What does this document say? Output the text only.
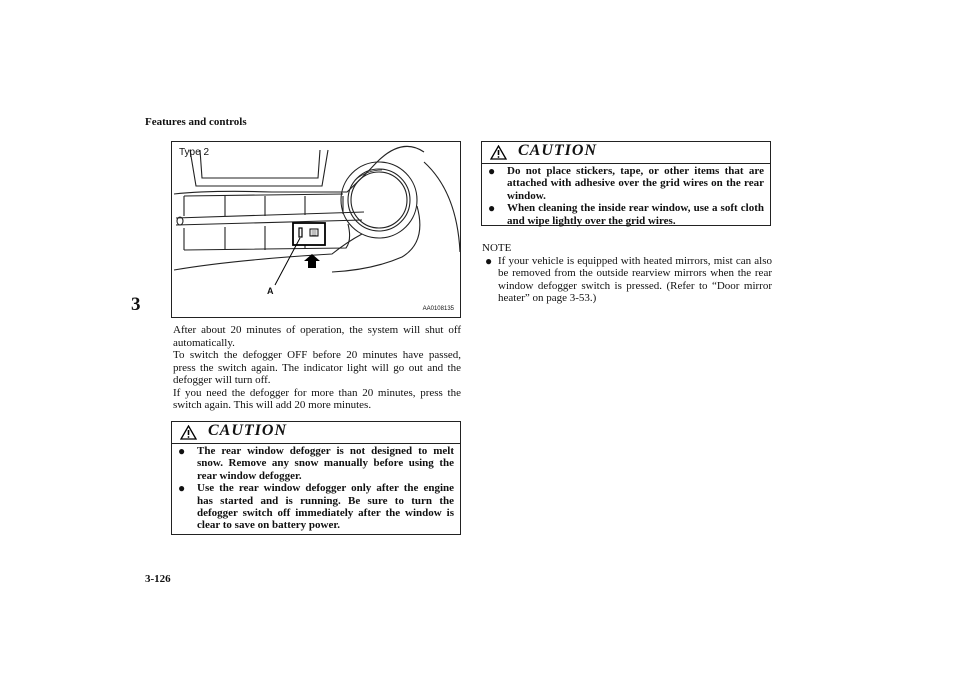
Features and controls
3
3-126
Type 2
A
AA0108135

After about 20 minutes of operation, the system will shut off automatically.

To switch the defogger OFF before 20 minutes have passed, press the switch again. The indicator light will go out and the defogger will turn off.

If you need the defogger for more than 20 minutes, press the switch again. This will add 20 more minutes.

CAUTION
● The rear window defogger is not designed to melt snow. Remove any snow manually before using the rear window defogger.
● Use the rear window defogger only after the engine has started and is running. Be sure to turn the defogger switch off immediately after the window is clear to save on battery power.
CAUTION
● Do not place stickers, tape, or other items that are attached with adhesive over the grid wires on the rear window.
● When cleaning the inside rear window, use a soft cloth and wipe lightly over the grid wires.
NOTE
● If your vehicle is equipped with heated mirrors, mist can also be removed from the outside rearview mirrors when the rear window defogger switch is pressed. (Refer to “Door mirror heater” on page 3-53.)
